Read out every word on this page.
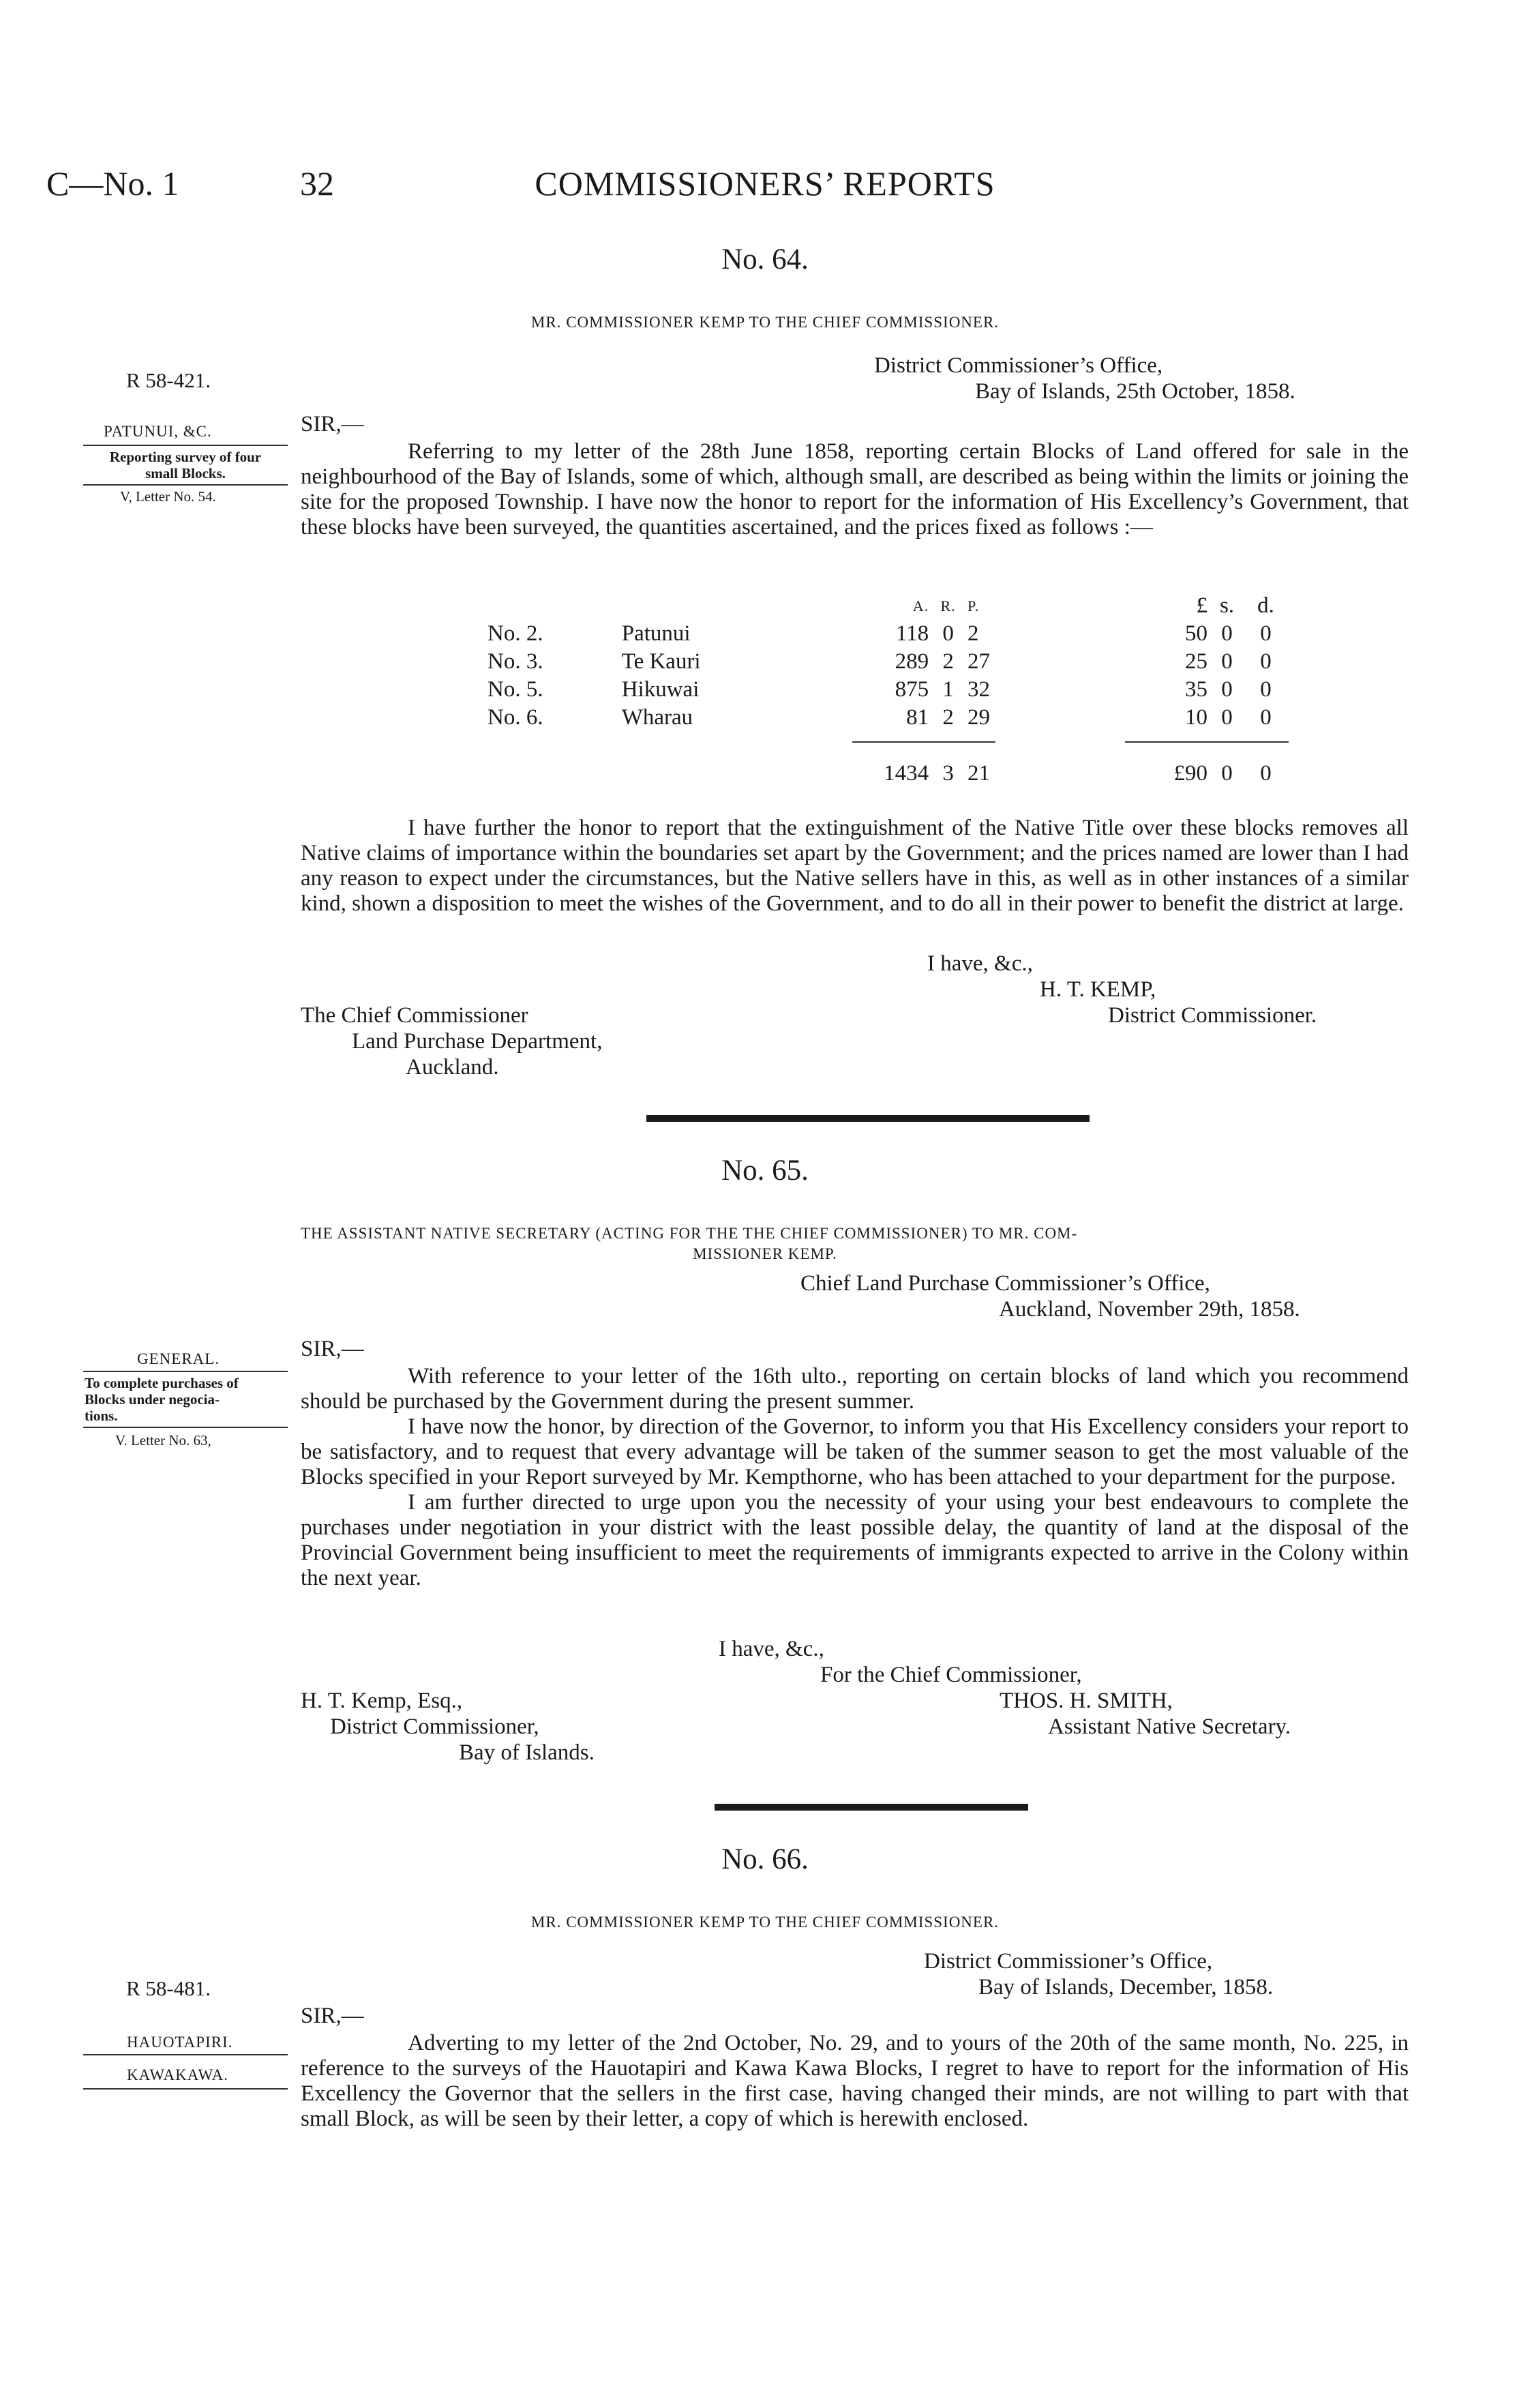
C—No. 1	32	COMMISSIONERS’ REPORTS
No. 64.
MR. COMMISSIONER KEMP TO THE CHIEF COMMISSIONER.
District Commissioner’s Office,
Bay of Islands, 25th October, 1858.
R 58-421.
PATUNUI, &C.
Reporting survey of four
small Blocks.
V, Letter No. 54.
SIR,—

Referring to my letter of the 28th June 1858, reporting certain Blocks of Land offered for sale in the neighbourhood of the Bay of Islands, some of which, although small, are described as being within the limits or joining the site for the proposed Township. I have now the honor to report for the information of His Excellency’s Government, that these blocks have been surveyed, the quantities ascertained, and the prices fixed as follows :—

		A.	R.	P.		£	s.	d.
No. 2.	Patunui	118	0	2		50	0	0
No. 3.	Te Kauri	289	2	27		25	0	0
No. 5.	Hikuwai	875	1	32		35	0	0
No. 6.	Wharau	81	2	29		10	0	0

		1434	3	21		£90	0	0

I have further the honor to report that the extinguishment of the Native Title over these blocks removes all Native claims of importance within the boundaries set apart by the Government; and the prices named are lower than I had any reason to expect under the circumstances, but the Native sellers have in this, as well as in other instances of a similar kind, shown a disposition to meet the wishes of the Government, and to do all in their power to benefit the district at large.

I have, &c.,
H. T. KEMP,
District Commissioner.
The Chief Commissioner
Land Purchase Department,
Auckland.
No. 65.
THE ASSISTANT NATIVE SECRETARY (ACTING FOR THE THE CHIEF COMMISSIONER) TO MR. COM-
MISSIONER KEMP.
Chief Land Purchase Commissioner’s Office,
Auckland, November 29th, 1858.
GENERAL.
To complete purchases of
Blocks under negocia-
tions.
V. Letter No. 63,
SIR,—

With reference to your letter of the 16th ulto., reporting on certain blocks of land which you recommend should be purchased by the Government during the present summer.

I have now the honor, by direction of the Governor, to inform you that His Excellency considers your report to be satisfactory, and to request that every advantage will be taken of the summer season to get the most valuable of the Blocks specified in your Report surveyed by Mr. Kempthorne, who has been attached to your department for the purpose.

I am further directed to urge upon you the necessity of your using your best endeavours to complete the purchases under negotiation in your district with the least possible delay, the quantity of land at the disposal of the Provincial Government being insufficient to meet the requirements of immigrants expected to arrive in the Colony within the next year.

I have, &c.,
For the Chief Commissioner,
THOS. H. SMITH,
Assistant Native Secretary.
H. T. Kemp, Esq.,
District Commissioner,
Bay of Islands.
No. 66.
MR. COMMISSIONER KEMP TO THE CHIEF COMMISSIONER.
District Commissioner’s Office,
Bay of Islands, December, 1858.
R 58-481.
HAUOTAPIRI.
KAWAKAWA.
SIR,—

Adverting to my letter of the 2nd October, No. 29, and to yours of the 20th of the same month, No. 225, in reference to the surveys of the Hauotapiri and Kawa Kawa Blocks, I regret to have to report for the information of His Excellency the Governor that the sellers in the first case, having changed their minds, are not willing to part with that small Block, as will be seen by their letter, a copy of which is herewith enclosed.
